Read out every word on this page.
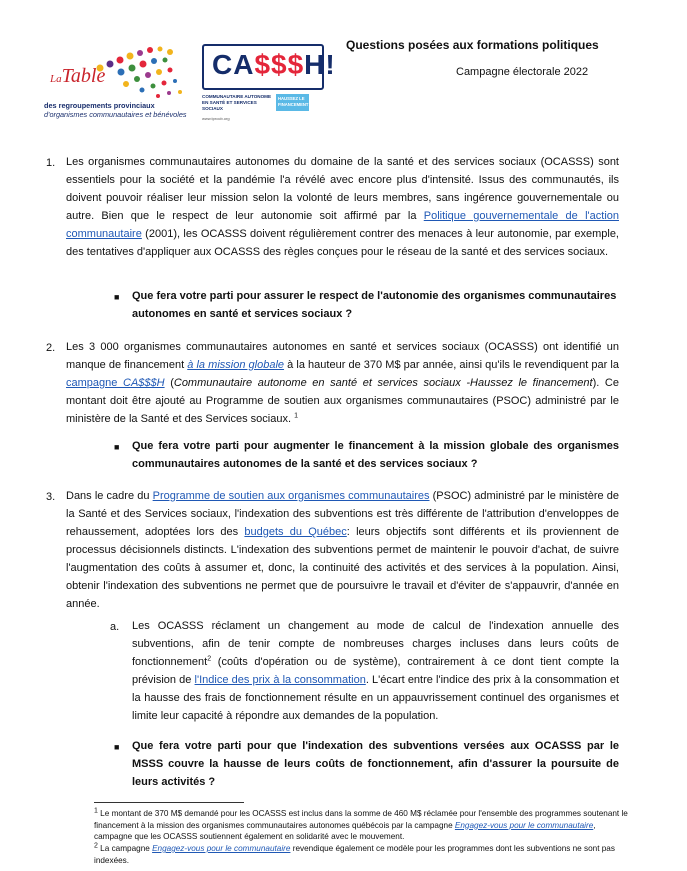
LaTable
des regroupements provinciaux
d'organismes communautaires et bénévoles
CA$$$H!
COMMUNAUTAIRE AUTONOME EN SANTÉ ET SERVICES SOCIAUX
HAUSSEZ LE FINANCEMENT
www.tprocb.org
Questions posées aux formations politiques
Campagne électorale 2022
1. Les organismes communautaires autonomes du domaine de la santé et des services sociaux (OCASSS) sont essentiels pour la société et la pandémie l'a révélé avec encore plus d'intensité. Issus des communautés, ils doivent pouvoir réaliser leur mission selon la volonté de leurs membres, sans ingérence gouvernementale ou autre. Bien que le respect de leur autonomie soit affirmé par la Politique gouvernementale de l'action communautaire (2001), les OCASSS doivent régulièrement contrer des menaces à leur autonomie, par exemple, des tentatives d'appliquer aux OCASSS des règles conçues pour le réseau de la santé et des services sociaux.

■ Que fera votre parti pour assurer le respect de l'autonomie des organismes communautaires autonomes en santé et services sociaux ?

2. Les 3 000 organismes communautaires autonomes en santé et services sociaux (OCASSS) ont identifié un manque de financement à la mission globale à la hauteur de 370 M$ par année, ainsi qu'ils le revendiquent par la campagne CA$$$H (Communautaire autonome en santé et services sociaux -Haussez le financement). Ce montant doit être ajouté au Programme de soutien aux organismes communautaires (PSOC) administré par le ministère de la Santé et des Services sociaux. $^1$

■ Que fera votre parti pour augmenter le financement à la mission globale des organismes communautaires autonomes de la santé et des services sociaux ?

3. Dans le cadre du Programme de soutien aux organismes communautaires (PSOC) administré par le ministère de la Santé et des Services sociaux, l'indexation des subventions est très différente de l'attribution d'enveloppes de rehaussement, adoptées lors des budgets du Québec: leurs objectifs sont différents et ils proviennent de processus décisionnels distincts. L'indexation des subventions permet de maintenir le pouvoir d'achat, de suivre l'augmentation des coûts à assumer et, donc, la continuité des activités et des services à la population. Ainsi, obtenir l'indexation des subventions ne permet que de poursuivre le travail et d'éviter de s'appauvrir, d'année en année.

a. Les OCASSS réclament un changement au mode de calcul de l'indexation annuelle des subventions, afin de tenir compte de nombreuses charges incluses dans leurs coûts de fonctionnement$^2$ (coûts d'opération ou de système), contrairement à ce dont tient compte la prévision de l'Indice des prix à la consommation. L'écart entre l'indice des prix à la consommation et la hausse des frais de fonctionnement résulte en un appauvrissement continuel des organismes et limite leur capacité à répondre aux demandes de la population.

■ Que fera votre parti pour que l'indexation des subventions versées aux OCASSS par le MSSS couvre la hausse de leurs coûts de fonctionnement, afin d'assurer la poursuite de leurs activités ?

$^1$ Le montant de 370 M$ demandé pour les OCASSS est inclus dans la somme de 460 M$ réclamée pour l'ensemble des programmes soutenant le financement à la mission des organismes communautaires autonomes québécois par la campagne Engagez-vous pour le communautaire, campagne que les OCASSS soutiennent également en solidarité avec le mouvement.

$^2$ La campagne Engagez-vous pour le communautaire revendique également ce modèle pour les programmes dont les subventions ne sont pas indexées.
